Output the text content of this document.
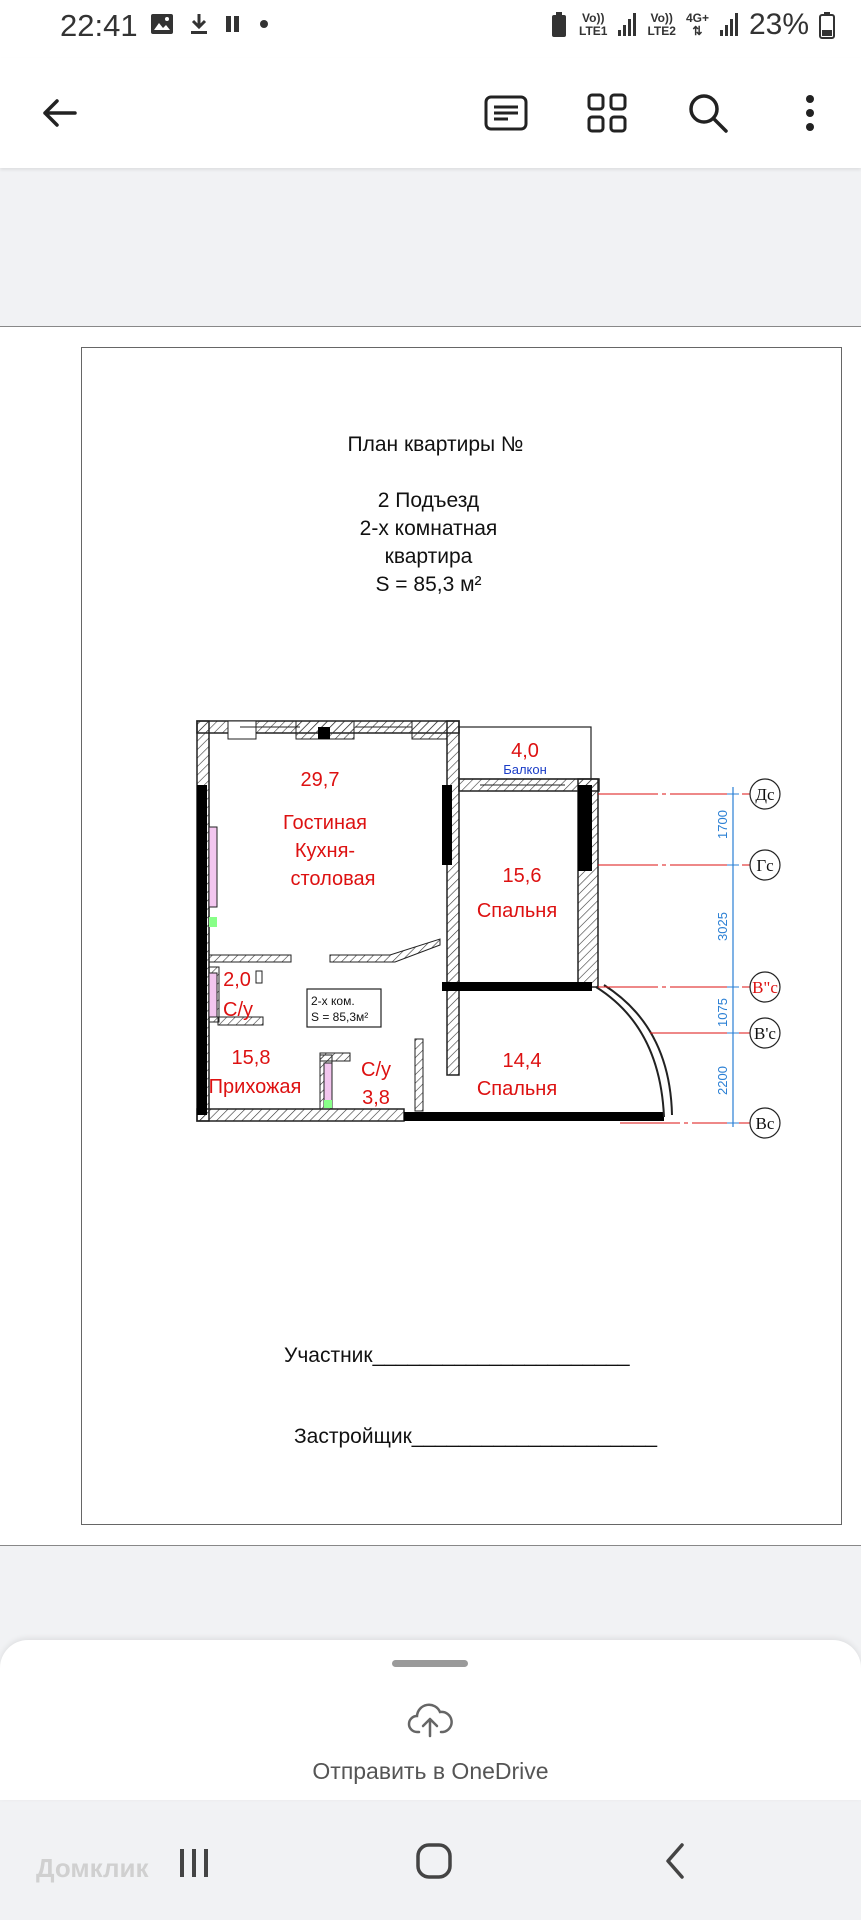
22:41	Vo))
LTE1
Vo))
LTE2
4G+
⇅ 23%
План квартиры №
2 Подъезд
2-х комнатная
квартира
S = 85,3 м²
Дс
Гс
В"с
В'с
Вс
1700
3025
1075
2200
4,0
Балкон
29,7
Гостиная
Кухня-
столовая	15,6
Спальня
2,0
С/у
15,8
Прихожая
С/у
3,8
14,4
Спальня
2-х ком.
S = 85,3м²
Участник______________________
Застройщик_____________________
Отправить в OneDrive
Домклик
